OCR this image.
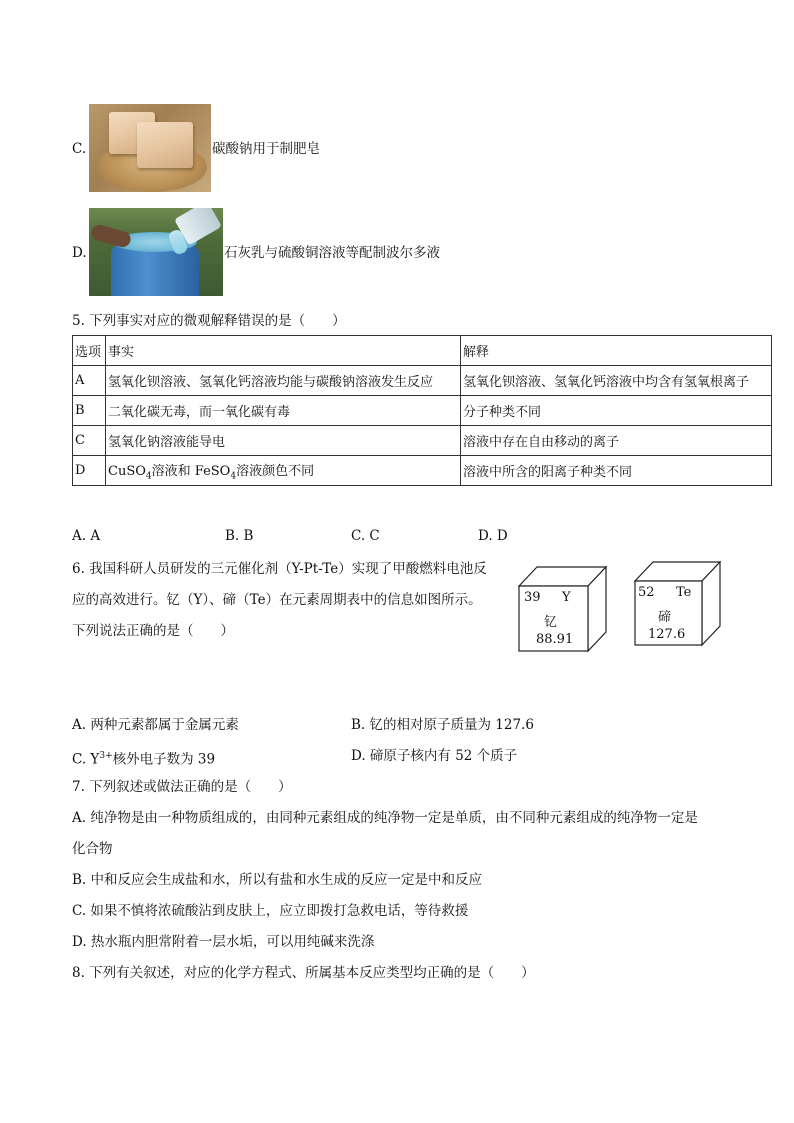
C.	碳酸钠用于制肥皂
D.	石灰乳与硫酸铜溶液等配制波尔多液
5. 下列事实对应的微观解释错误的是（　　）
选项	事实	解释
A	氢氧化钡溶液、氢氧化钙溶液均能与碳酸钠溶液发生反应	氢氧化钡溶液、氢氧化钙溶液中均含有氢氧根离子
B	二氧化碳无毒，而一氧化碳有毒	分子种类不同
C	氢氧化钠溶液能导电	溶液中存在自由移动的离子
D	CuSO$_4$溶液和 FeSO$_4$溶液颜色不同	溶液中所含的阳离子种类不同
A. A	B. B	C. C	D. D
6. 我国科研人员研发的三元催化剂（Y-Pt-Te）实现了甲酸燃料电池反
应的高效进行。钇（Y）、碲（Te）在元素周期表中的信息如图所示。
下列说法正确的是（　　）
39 Y
钇
88.91
52 Te
碲
127.6
A. 两种元素都属于金属元素	B. 钇的相对原子质量为 127.6
C. $Y^{3+}$核外电子数为 39	D. 碲原子核内有 52 个质子
7. 下列叙述或做法正确的是（　　）
A. 纯净物是由一种物质组成的，由同种元素组成的纯净物一定是单质，由不同种元素组成的纯净物一定是
化合物
B. 中和反应会生成盐和水，所以有盐和水生成的反应一定是中和反应
C. 如果不慎将浓硫酸沾到皮肤上，应立即拨打急救电话，等待救援
D. 热水瓶内胆常附着一层水垢，可以用纯碱来洗涤
8. 下列有关叙述，对应的化学方程式、所属基本反应类型均正确的是（　　）
